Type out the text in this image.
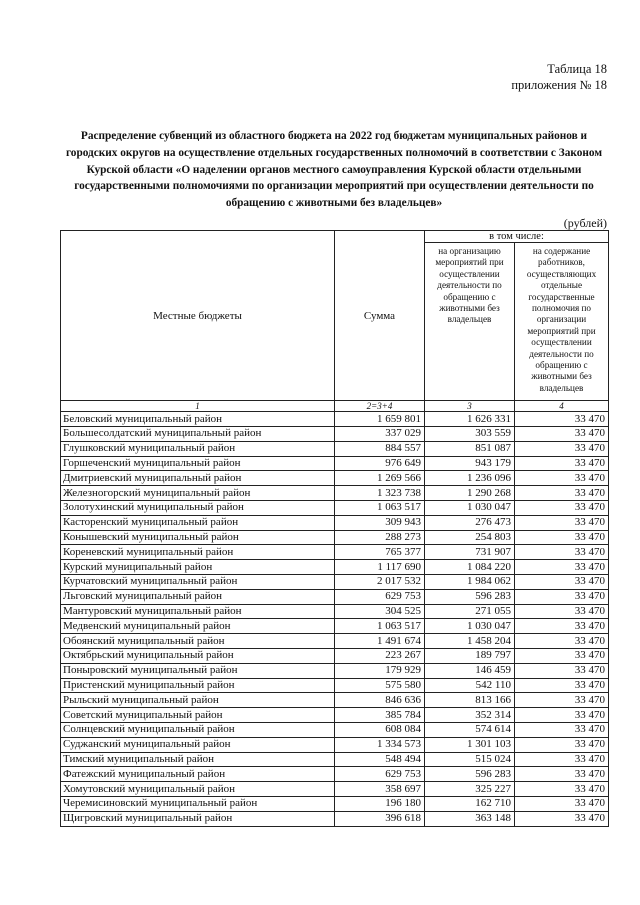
Таблица 18
приложения № 18
Распределение субвенций из областного бюджета на 2022 год бюджетам муниципальных районов и городских округов на осуществление отдельных государственных полномочий в соответствии с Законом Курской области «О наделении органов местного самоуправления Курской области отдельными государственными полномочиями по организации мероприятий при осуществлении деятельности по обращению с животными без владельцев»
(рублей)
Местные бюджеты	Сумма	в том числе:	
		на организацию мероприятий при осуществлении деятельности по обращению с животными без владельцев	на содержание работников, осуществляющих отдельные государственные полномочия по организации мероприятий при осуществлении деятельности по обращению с животными без владельцев
1	2=3+4	3	4
Беловский муниципальный район	1 659 801	1 626 331	33 470
Большесолдатский муниципальный район	337 029	303 559	33 470
Глушковский муниципальный район	884 557	851 087	33 470
Горшеченский муниципальный район	976 649	943 179	33 470
Дмитриевский муниципальный район	1 269 566	1 236 096	33 470
Железногорский муниципальный район	1 323 738	1 290 268	33 470
Золотухинский муниципальный район	1 063 517	1 030 047	33 470
Касторенский муниципальный район	309 943	276 473	33 470
Конышевский муниципальный район	288 273	254 803	33 470
Кореневский муниципальный район	765 377	731 907	33 470
Курский муниципальный район	1 117 690	1 084 220	33 470
Курчатовский муниципальный район	2 017 532	1 984 062	33 470
Льговский муниципальный район	629 753	596 283	33 470
Мантуровский муниципальный район	304 525	271 055	33 470
Медвенский муниципальный район	1 063 517	1 030 047	33 470
Обоянский муниципальный район	1 491 674	1 458 204	33 470
Октябрьский муниципальный район	223 267	189 797	33 470
Поныровский муниципальный район	179 929	146 459	33 470
Пристенский муниципальный район	575 580	542 110	33 470
Рыльский муниципальный район	846 636	813 166	33 470
Советский муниципальный район	385 784	352 314	33 470
Солнцевский муниципальный район	608 084	574 614	33 470
Суджанский муниципальный район	1 334 573	1 301 103	33 470
Тимский муниципальный район	548 494	515 024	33 470
Фатежский муниципальный район	629 753	596 283	33 470
Хомутовский муниципальный район	358 697	325 227	33 470
Черемисиновский муниципальный район	196 180	162 710	33 470
Щигровский муниципальный район	396 618	363 148	33 470
